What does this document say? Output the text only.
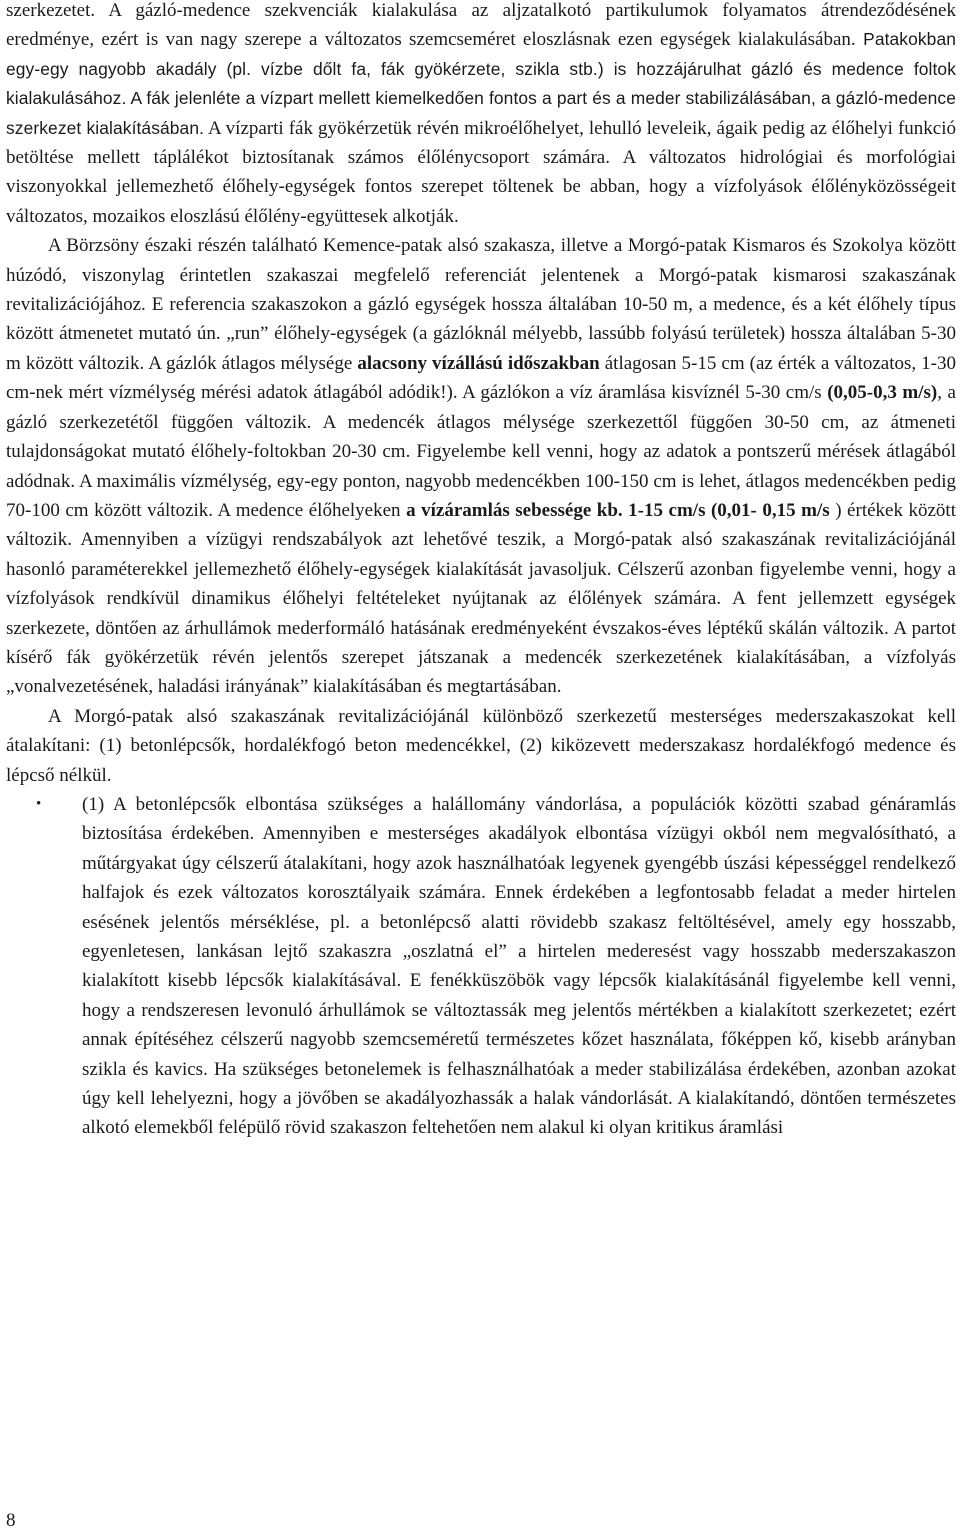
szerkezetet. A gázló-medence szekvenciák kialakulása az aljzatalkotó partikulumok folyamatos átrendeződésének eredménye, ezért is van nagy szerepe a változatos szemcseméret eloszlásnak ezen egységek kialakulásában. Patakokban egy-egy nagyobb akadály (pl. vízbe dőlt fa, fák gyökérzete, szikla stb.) is hozzájárulhat gázló és medence foltok kialakulásához. A fák jelenléte a vízpart mellett kiemelkedően fontos a part és a meder stabilizálásában, a gázló-medence szerkezet kialakításában. A vízparti fák gyökérzetük révén mikroélőhelyet, lehulló leveleik, ágaik pedig az élőhelyi funkció betöltése mellett táplálékot biztosítanak számos élőlénycsoport számára. A változatos hidrológiai és morfológiai viszonyokkal jellemezhető élőhely-egységek fontos szerepet töltenek be abban, hogy a vízfolyások élőlényközösségeit változatos, mozaikos eloszlású élőlény-együttesek alkotják.

A Börzsöny északi részén található Kemence-patak alsó szakasza, illetve a Morgó-patak Kismaros és Szokolya között húzódó, viszonylag érintetlen szakaszai megfelelő referenciát jelentenek a Morgó-patak kismarosi szakaszának revitalizációjához. E referencia szakaszokon a gázló egységek hossza általában 10-50 m, a medence, és a két élőhely típus között átmenetet mutató ún. „run” élőhely-egységek (a gázlóknál mélyebb, lassúbb folyású területek) hossza általában 5-30 m között változik. A gázlók átlagos mélysége alacsony vízállású időszakban átlagosan 5-15 cm (az érték a változatos, 1-30 cm-nek mért vízmélység mérési adatok átlagából adódik!). A gázlókon a víz áramlása kisvíznél 5-30 cm/s (0,05-0,3 m/s), a gázló szerkezetétől függően változik. A medencék átlagos mélysége szerkezettől függően 30-50 cm, az átmeneti tulajdonságokat mutató élőhely-foltokban 20-30 cm. Figyelembe kell venni, hogy az adatok a pontszerű mérések átlagából adódnak. A maximális vízmélység, egy-egy ponton, nagyobb medencékben 100-150 cm is lehet, átlagos medencékben pedig 70-100 cm között változik. A medence élőhelyeken a vízáramlás sebessége kb. 1-15 cm/s (0,01- 0,15 m/s ) értékek között változik. Amennyiben a vízügyi rendszabályok azt lehetővé teszik, a Morgó-patak alsó szakaszának revitalizációjánál hasonló paraméterekkel jellemezhető élőhely-egységek kialakítását javasoljuk. Célszerű azonban figyelembe venni, hogy a vízfolyások rendkívül dinamikus élőhelyi feltételeket nyújtanak az élőlények számára. A fent jellemzett egységek szerkezete, döntően az árhullámok mederformáló hatásának eredményeként évszakos-éves léptékű skálán változik. A partot kísérő fák gyökérzetük révén jelentős szerepet játszanak a medencék szerkezetének kialakításában, a vízfolyás „vonalvezetésének, haladási irányának” kialakításában és megtartásában.

A Morgó-patak alsó szakaszának revitalizációjánál különböző szerkezetű mesterséges mederszakaszokat kell átalakítani: (1) betonlépcsők, hordalékfogó beton medencékkel, (2) kiközevett mederszakasz hordalékfogó medence és lépcső nélkül.

• (1) A betonlépcsők elbontása szükséges a halállomány vándorlása, a populációk közötti szabad génáramlás biztosítása érdekében. Amennyiben e mesterséges akadályok elbontása vízügyi okból nem megvalósítható, a műtárgyakat úgy célszerű átalakítani, hogy azok használhatóak legyenek gyengébb úszási képességgel rendelkező halfajok és ezek változatos korosztályaik számára. Ennek érdekében a legfontosabb feladat a meder hirtelen esésének jelentős mérséklése, pl. a betonlépcső alatti rövidebb szakasz feltöltésével, amely egy hosszabb, egyenletesen, lankásan lejtő szakaszra „oszlatná el” a hirtelen mederesést vagy hosszabb mederszakaszon kialakított kisebb lépcsők kialakításával. E fenékküszöbök vagy lépcsők kialakításánál figyelembe kell venni, hogy a rendszeresen levonuló árhullámok se változtassák meg jelentős mértékben a kialakított szerkezetet; ezért annak építéséhez célszerű nagyobb szemcseméretű természetes kőzet használata, főképpen kő, kisebb arányban szikla és kavics. Ha szükséges betonelemek is felhasználhatóak a meder stabilizálása érdekében, azonban azokat úgy kell lehelyezni, hogy a jövőben se akadályozhassák a halak vándorlását. A kialakítandó, döntően természetes alkotó elemekből felépülő rövid szakaszon feltehetően nem alakul ki olyan kritikus áramlási
8
